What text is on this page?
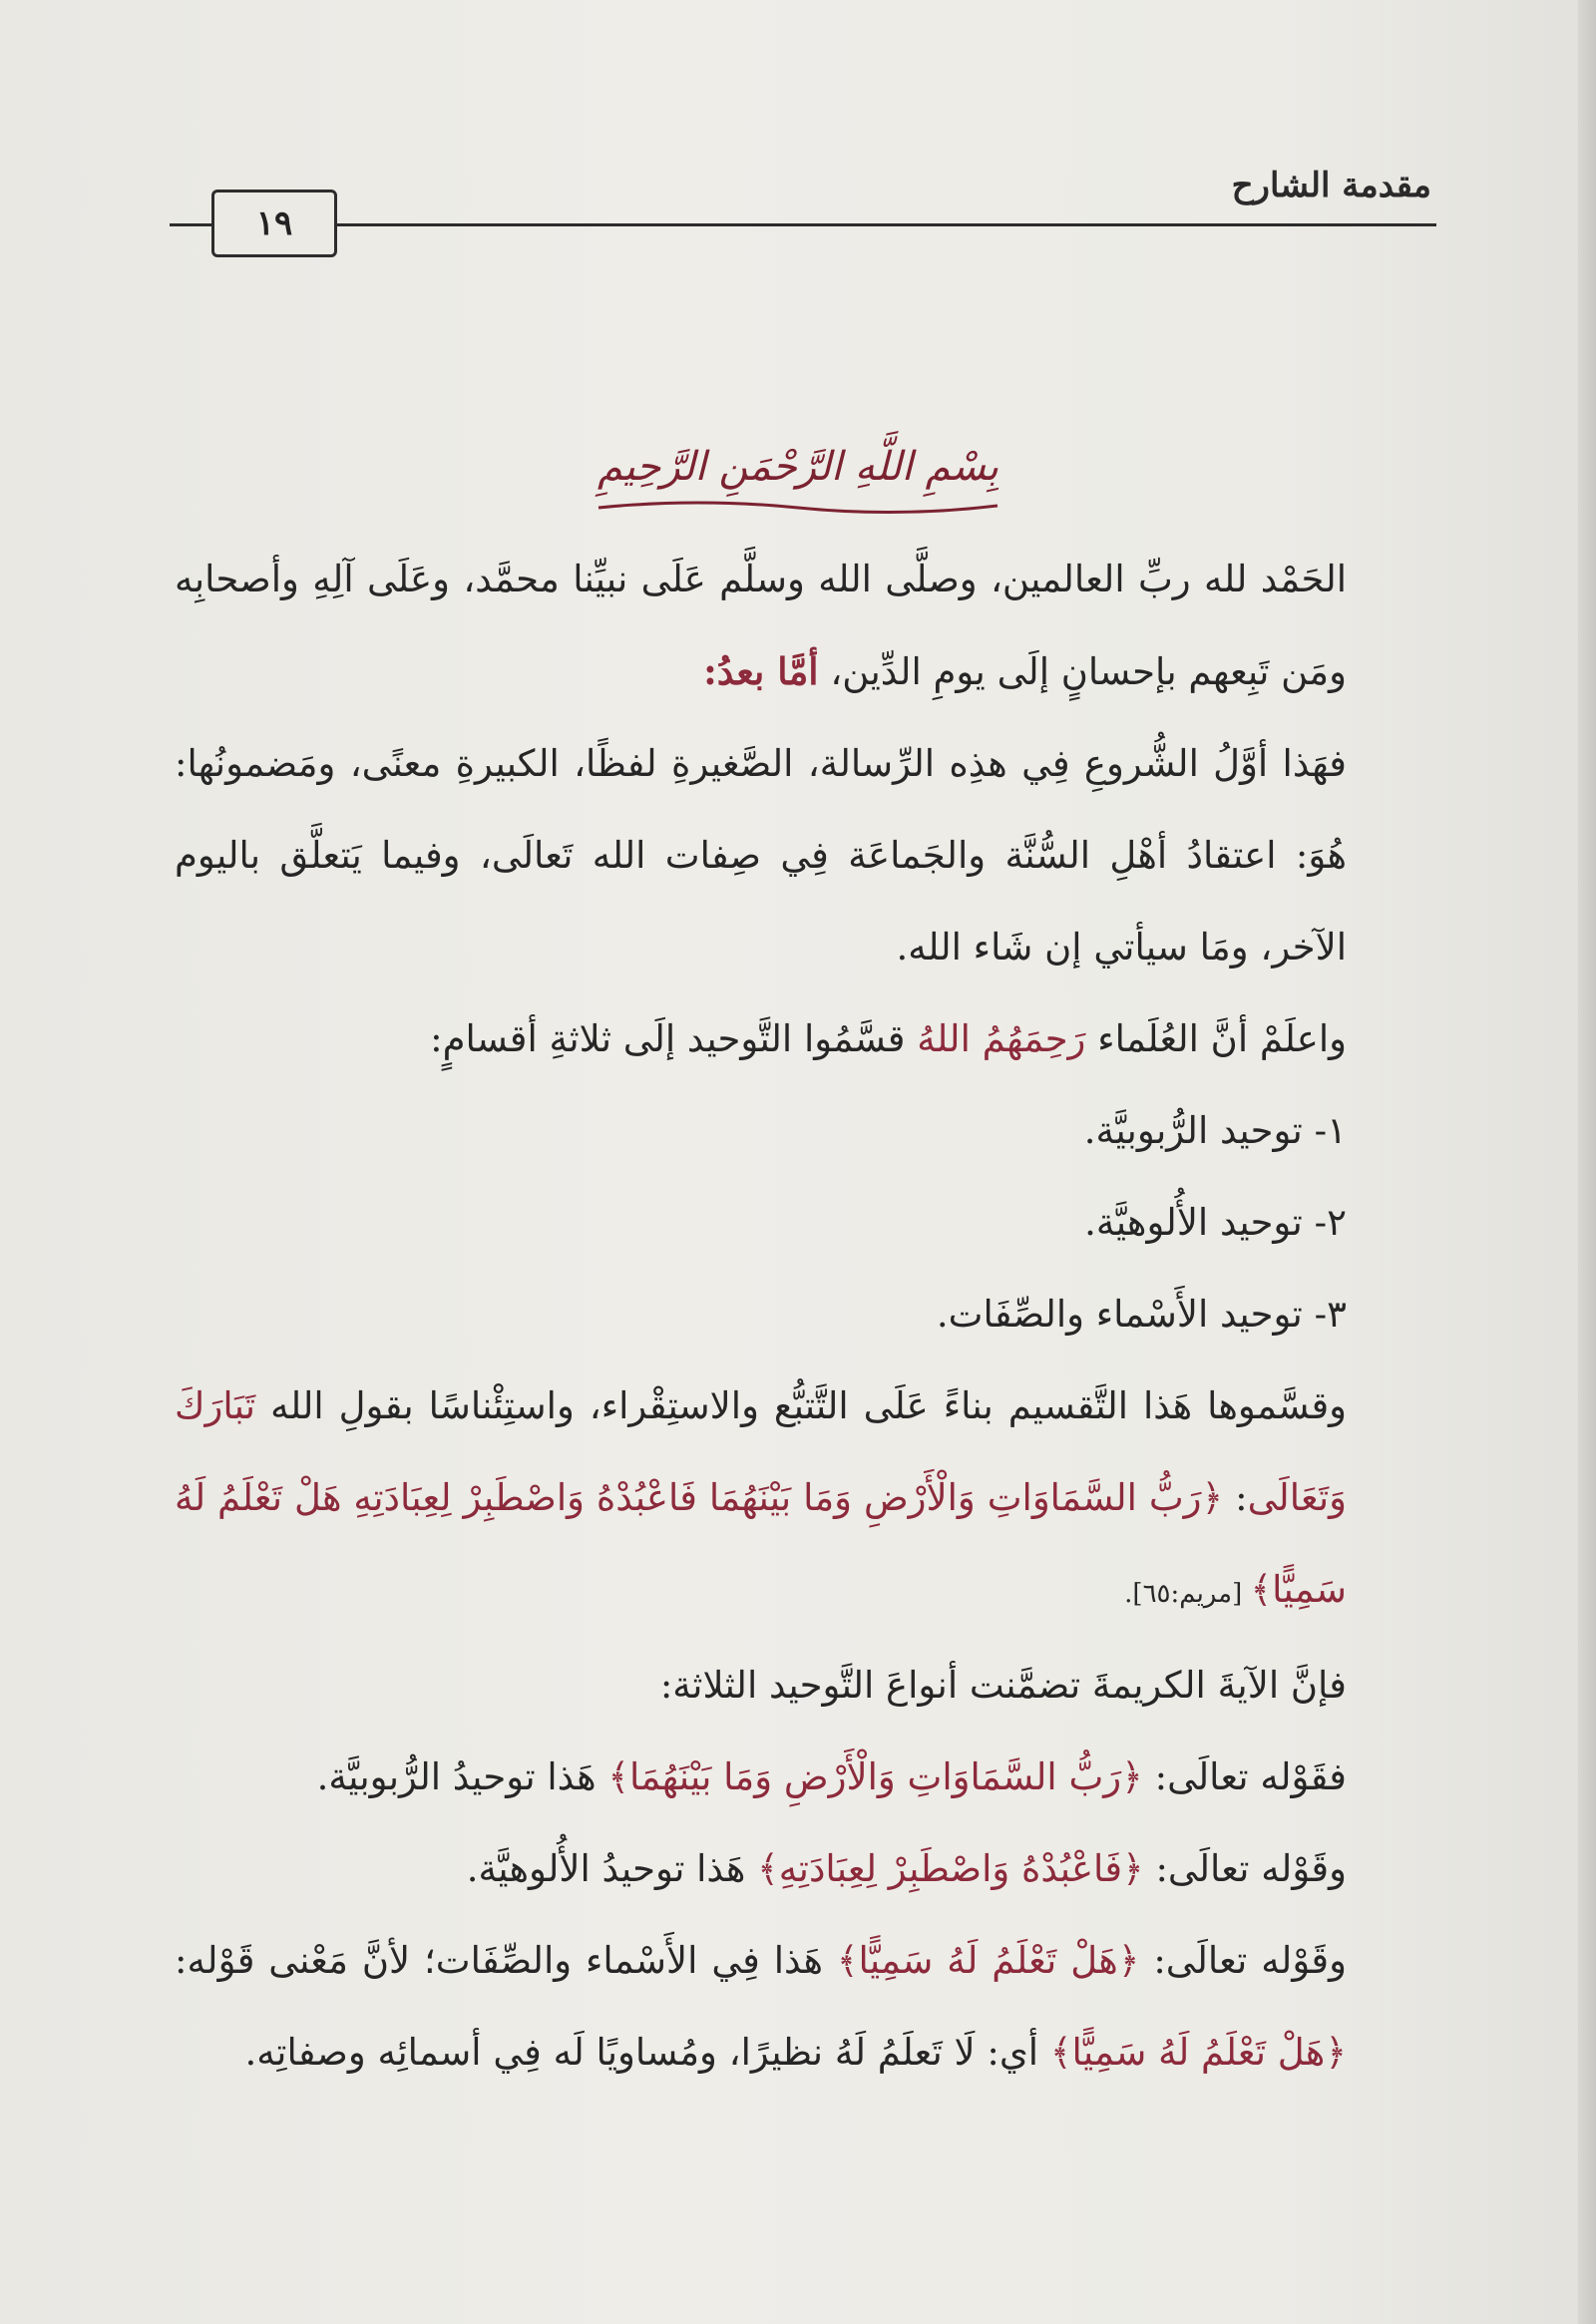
مقدمة الشارح
١٩
بِسْمِ اللَّهِ الرَّحْمَنِ الرَّحِيمِ

الحَمْد لله ربِّ العالمين، وصلَّى الله وسلَّم عَلَى نبيِّنا محمَّد، وعَلَى آلِهِ وأصحابِه ومَن تَبِعهم بإحسانٍ إلَى يومِ الدِّين، أمَّا بعدُ:

فهَذا أوَّلُ الشُّروعِ فِي هذِه الرِّسالة، الصَّغيرةِ لفظًا، الكبيرةِ معنًى، ومَضمونُها: هُوَ: اعتقادُ أهْلِ السُّنَّة والجَماعَة فِي صِفات الله تَعالَى، وفيما يَتعلَّق باليوم الآخر، ومَا سيأتي إن شَاء الله.

واعلَمْ أنَّ العُلَماء رَحِمَهُمُ اللهُ قسَّمُوا التَّوحيد إلَى ثلاثةِ أقسامٍ:

١- توحيد الرُّبوبيَّة.

٢- توحيد الأُلوهيَّة.

٣- توحيد الأَسْماء والصِّفَات.

وقسَّموها هَذا التَّقسيم بناءً عَلَى التَّتبُّع والاستِقْراء، واستِئْناسًا بقولِ الله تَبَارَكَ وَتَعَالَى: ﴿رَبُّ السَّمَاوَاتِ وَالْأَرْضِ وَمَا بَيْنَهُمَا فَاعْبُدْهُ وَاصْطَبِرْ لِعِبَادَتِهِ هَلْ تَعْلَمُ لَهُ سَمِيًّا﴾ [مريم:٦٥].

فإنَّ الآيةَ الكريمةَ تضمَّنت أنواعَ التَّوحيد الثلاثة:

فقَوْله تعالَى: ﴿رَبُّ السَّمَاوَاتِ وَالْأَرْضِ وَمَا بَيْنَهُمَا﴾ هَذا توحيدُ الرُّبوبيَّة.

وقَوْله تعالَى: ﴿فَاعْبُدْهُ وَاصْطَبِرْ لِعِبَادَتِهِ﴾ هَذا توحيدُ الأُلوهيَّة.

وقَوْله تعالَى: ﴿هَلْ تَعْلَمُ لَهُ سَمِيًّا﴾ هَذا فِي الأَسْماء والصِّفَات؛ لأنَّ مَعْنى قَوْله: ﴿هَلْ تَعْلَمُ لَهُ سَمِيًّا﴾ أي: لَا تَعلَمُ لَهُ نظيرًا، ومُساويًا لَه فِي أسمائِه وصفاتِه.
